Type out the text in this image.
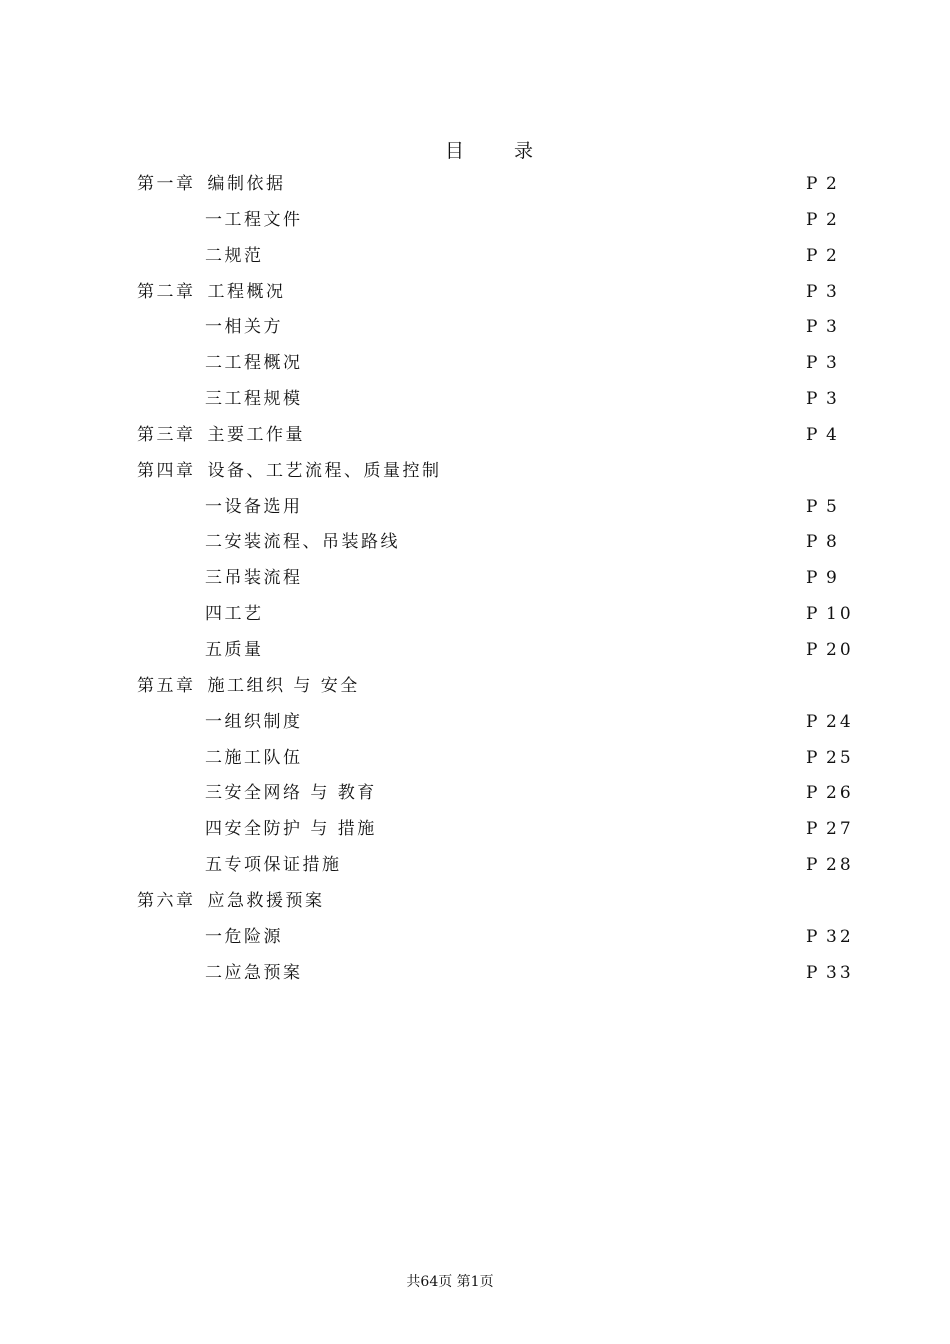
目 录
第一章 编制依据	P 2
一工程文件	P 2
二规范	P 2
第二章 工程概况	P 3
一相关方	P 3
二工程概况	P 3
三工程规模	P 3
第三章 主要工作量	P 4
第四章 设备、工艺流程、质量控制
一设备选用	P 5
二安装流程、吊装路线	P 8
三吊装流程	P 9
四工艺	P 10
五质量	P 20
第五章 施工组织 与 安全
一组织制度	P 24
二施工队伍	P 25
三安全网络 与 教育	P 26
四安全防护 与 措施	P 27
五专项保证措施	P 28
第六章 应急救援预案
一危险源	P 32
二应急预案	P 33
共64页 第1页
